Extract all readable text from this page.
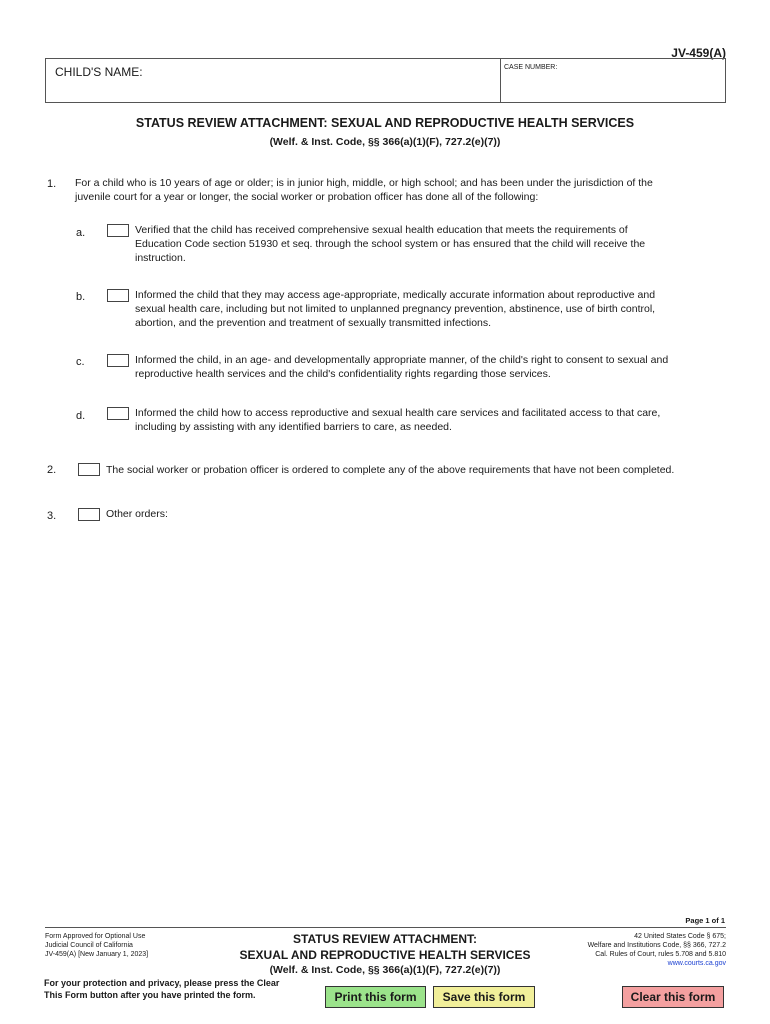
JV-459(A)
CHILD'S NAME:	CASE NUMBER:
STATUS REVIEW ATTACHMENT: SEXUAL AND REPRODUCTIVE HEALTH SERVICES
(Welf. & Inst. Code, §§ 366(a)(1)(F), 727.2(e)(7))
1. For a child who is 10 years of age or older; is in junior high, middle, or high school; and has been under the jurisdiction of the
juvenile court for a year or longer, the social worker or probation officer has done all of the following:
a.	Verified that the child has received comprehensive sexual health education that meets the requirements of
Education Code section 51930 et seq. through the school system or has ensured that the child will receive the
instruction.
b.	Informed the child that they may access age-appropriate, medically accurate information about reproductive and
sexual health care, including but not limited to unplanned pregnancy prevention, abstinence, use of birth control,
abortion, and the prevention and treatment of sexually transmitted infections.
c.	Informed the child, in an age- and developmentally appropriate manner, of the child's right to consent to sexual and
reproductive health services and the child's confidentiality rights regarding those services.
d.	Informed the child how to access reproductive and sexual health care services and facilitated access to that care,
including by assisting with any identified barriers to care, as needed.
2.	The social worker or probation officer is ordered to complete any of the above requirements that have not been completed.
3.	Other orders:
Page 1 of 1
Form Approved for Optional Use
Judicial Council of California
JV-459(A) [New January 1, 2023]
STATUS REVIEW ATTACHMENT:
SEXUAL AND REPRODUCTIVE HEALTH SERVICES
(Welf. & Inst. Code, §§ 366(a)(1)(F), 727.2(e)(7))
42 United States Code § 675;
Welfare and Institutions Code, §§ 366, 727.2
Cal. Rules of Court, rules 5.708 and 5.810
www.courts.ca.gov
For your protection and privacy, please press the Clear
This Form button after you have printed the form.	Print this form	Save this form	Clear this form
